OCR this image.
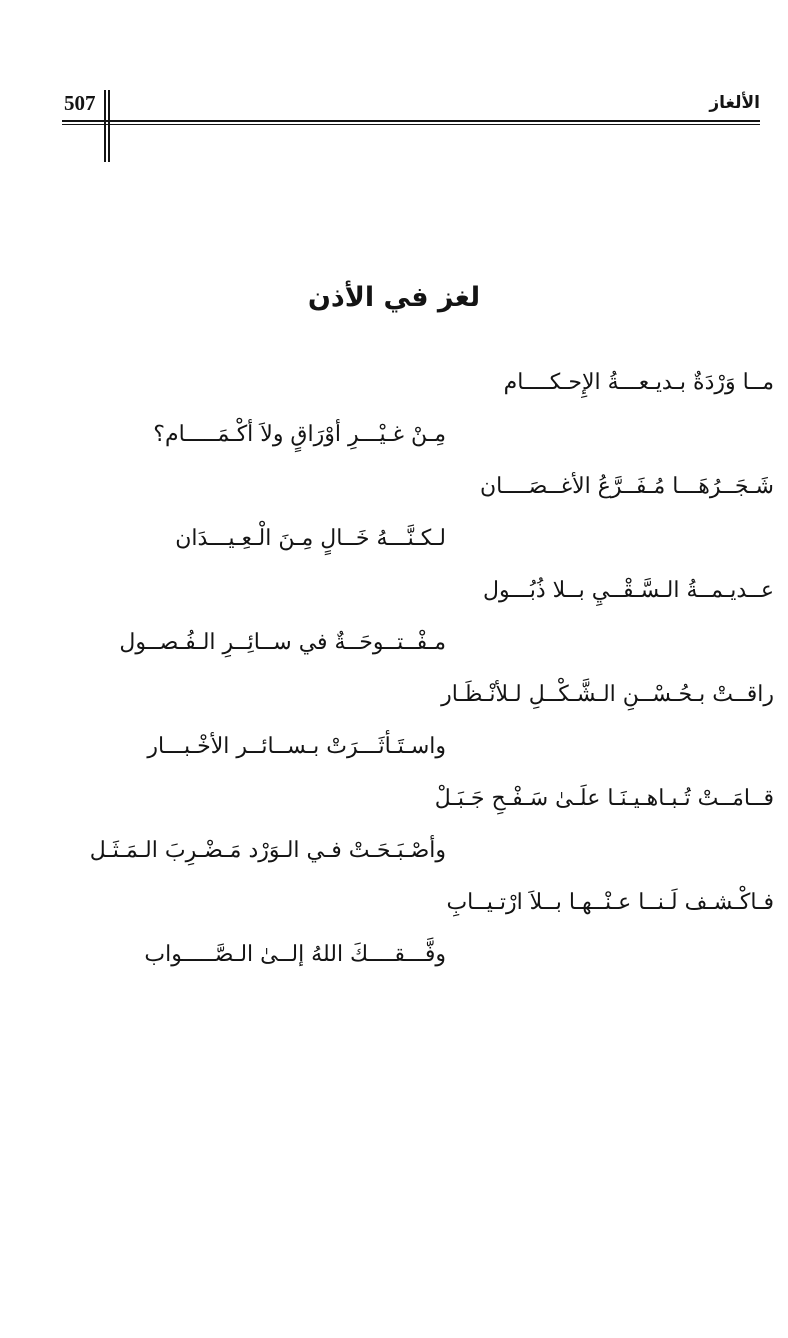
507	الألغاز
لغز في الأذن
مــا وَرْدَةٌ بـديـعـــةُ الإِحـكــــام
مِـنْ غـيْـــرِ أوْرَاقٍ ولاَ أكْـمَـــــام؟
شَـجَــرُهَـــا مُـفَــرَّعُ الأغــصَــــان
لـكـنَّـــهُ خَــالٍ مِـنَ الْـعِـيـــدَان
عــديـمــةُ الـسَّـقْــيِ بــلا ذُبُـــول
مـفْــتــوحَــةٌ في ســائِــرِ الـفُـصــول
راقــتْ بـحُـسْــنِ الـشَّـكْــلِ لـلأنْـظَـار
واسـتَـأثَـــرَتْ بـســائــر الأخْـبـــار
قــامَــتْ تُـبـاهـيـنَـا علَـىٰ سَـفْـحِ جَـبَـلْ
وأصْـبَـحَـتْ فـي الـوَرْد مَـضْـرِبَ الـمَـثَـل
فـاكْـشـف لَـنــا عـنْــهـا بــلاَ ارْتـيــابِ
وفَّـــقــــكَ اللهُ إلــىٰ الـصَّـــــواب
